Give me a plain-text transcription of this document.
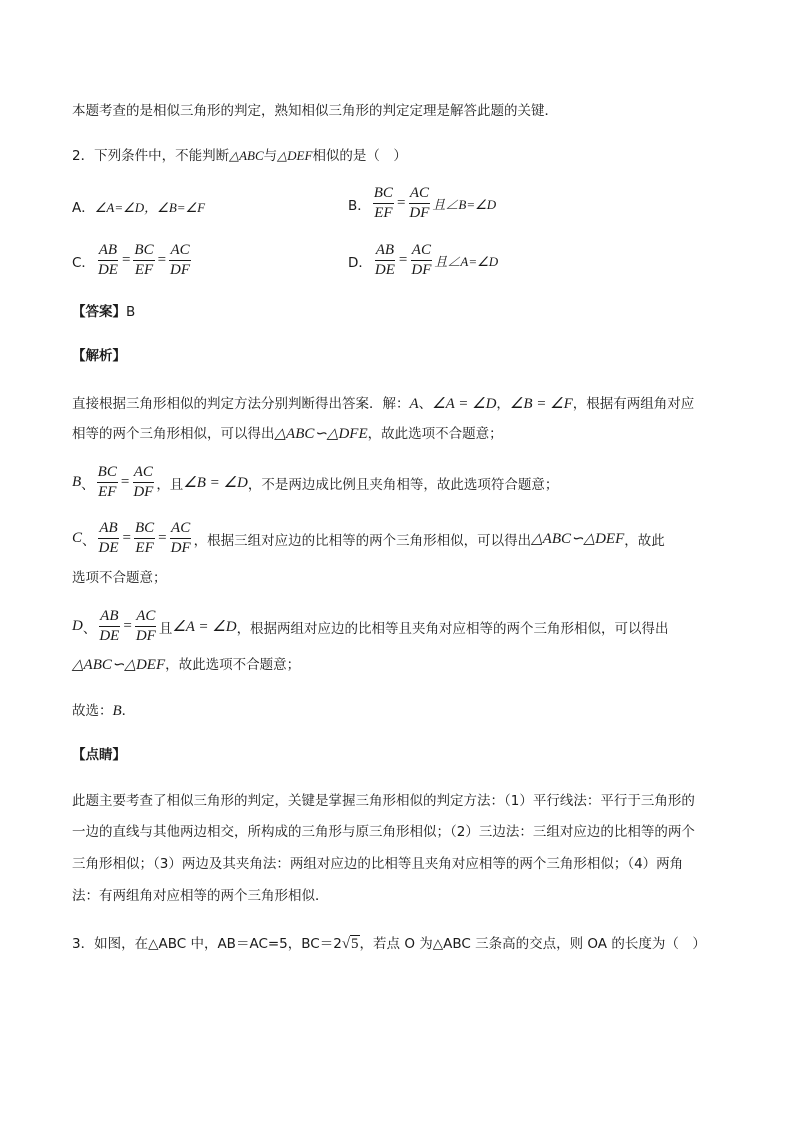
本题考查的是相似三角形的判定，熟知相似三角形的判定定理是解答此题的关键．
2．下列条件中，不能判断△ABC与△DEF相似的是（　）
A． ∠A=∠D，∠B=∠F	B． $\frac{BC}{EF} = \frac{AC}{DF}$ 且∠B=∠D
C． $\frac{AB}{DE} = \frac{BC}{EF} = \frac{AC}{DF}$	D． $\frac{AB}{DE} = \frac{AC}{DF}$ 且∠A=∠D
【答案】B
【解析】
直接根据三角形相似的判定方法分别判断得出答案．解：A、∠A = ∠D，∠B = ∠F，根据有两组角对应
相等的两个三角形相似，可以得出△ABC∽△DFE，故此选项不合题意；
B 、 $\frac{BC}{EF} = \frac{AC}{DF}$ ，且 ∠B = ∠D ，不是两边成比例且夹角相等，故此选项符合题意；
C 、 $\frac{AB}{DE} = \frac{BC}{EF} = \frac{AC}{DF}$ ，根据三组对应边的比相等的两个三角形相似，可以得出 △ABC∽△DEF ，故此
选项不合题意；
D 、 $\frac{AB}{DE} = \frac{AC}{DF}$ 且 ∠A = ∠D ，根据两组对应边的比相等且夹角对应相等的两个三角形相似，可以得出
△ABC∽△DEF，故此选项不合题意；
故选：B．
【点睛】
此题主要考查了相似三角形的判定，关键是掌握三角形相似的判定方法：（1）平行线法：平行于三角形的
一边的直线与其他两边相交，所构成的三角形与原三角形相似；（2）三边法：三组对应边的比相等的两个
三角形相似；（3）两边及其夹角法：两组对应边的比相等且夹角对应相等的两个三角形相似；（4）两角
法：有两组角对应相等的两个三角形相似．
3．如图，在△ABC 中，AB＝AC=5，BC＝2√5，若点 O 为△ABC 三条高的交点，则 OA 的长度为（　）
